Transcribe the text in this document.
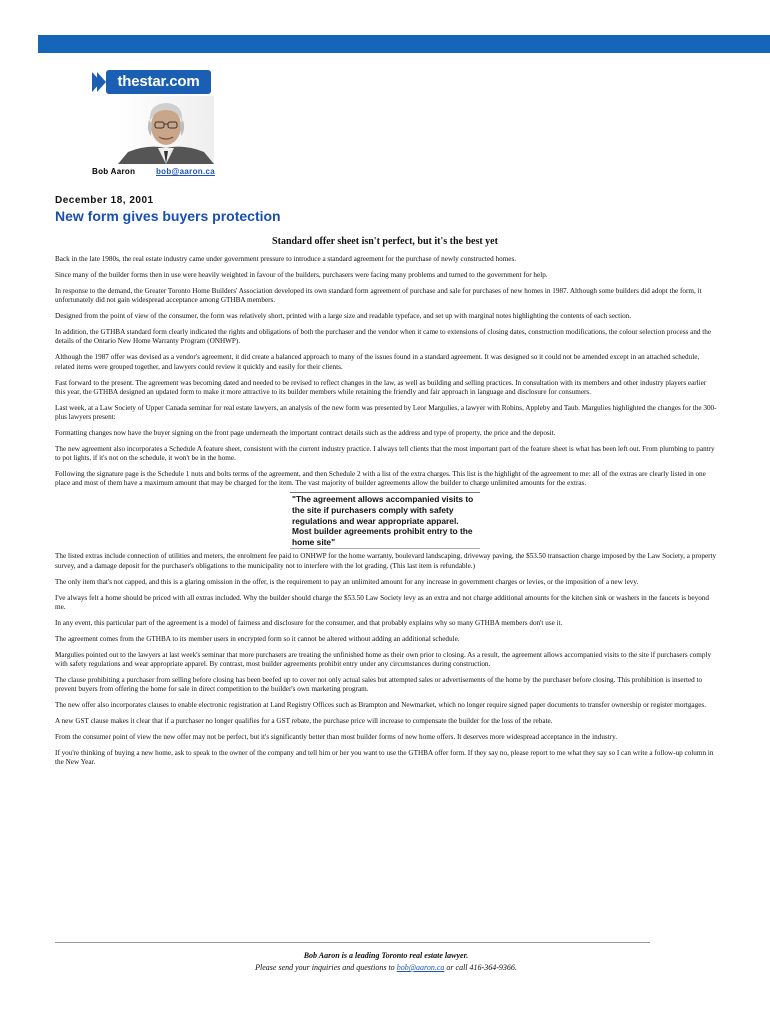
thestar.com
Bob Aaron	bob@aaron.ca
December 18, 2001
New form gives buyers protection
Standard offer sheet isn't perfect, but it's the best yet

Back in the late 1980s, the real estate industry came under government pressure to introduce a standard agreement for the purchase of newly constructed homes.

Since many of the builder forms then in use were heavily weighted in favour of the builders, purchasers were facing many problems and turned to the government for help.

In response to the demand, the Greater Toronto Home Builders' Association developed its own standard form agreement of purchase and sale for purchases of new homes in 1987. Although some builders did adopt the form, it unfortunately did not gain widespread acceptance among GTHBA members.

Designed from the point of view of the consumer, the form was relatively short, printed with a large size and readable typeface, and set up with marginal notes highlighting the contents of each section.

In addition, the GTHBA standard form clearly indicated the rights and obligations of both the purchaser and the vendor when it came to extensions of closing dates, construction modifications, the colour selection process and the details of the Ontario New Home Warranty Program (ONHWP).

Although the 1987 offer was devised as a vendor's agreement, it did create a balanced approach to many of the issues found in a standard agreement. It was designed so it could not be amended except in an attached schedule, related items were grouped together, and lawyers could review it quickly and easily for their clients.

Fast forward to the present. The agreement was becoming dated and needed to be revised to reflect changes in the law, as well as building and selling practices. In consultation with its members and other industry players earlier this year, the GTHBA designed an updated form to make it more attractive to its builder members while retaining the friendly and fair approach in language and disclosure for consumers.

Last week, at a Law Society of Upper Canada seminar for real estate lawyers, an analysis of the new form was presented by Leor Margulies, a lawyer with Robins, Appleby and Taub. Margulies highlighted the changes for the 300-plus lawyers present:

Formatting changes now have the buyer signing on the front page underneath the important contract details such as the address and type of property, the price and the deposit.

The new agreement also incorporates a Schedule A feature sheet, consistent with the current industry practice. I always tell clients that the most important part of the feature sheet is what has been left out. From plumbing to pantry to pot lights, if it's not on the schedule, it won't be in the home.

Following the signature page is the Schedule 1 nuts and bolts terms of the agreement, and then Schedule 2 with a list of the extra charges. This list is the highlight of the agreement to me: all of the extras are clearly listed in one place and most of them have a maximum amount that may be charged for the item. The vast majority of builder agreements allow the builder to charge unlimited amounts for the extras.

"The agreement allows accompanied visits to the site if purchasers comply with safety regulations and wear appropriate apparel. Most builder agreements prohibit entry to the home site"

The listed extras include connection of utilities and meters, the enrolment fee paid to ONHWP for the home warranty, boulevard landscaping, driveway paving, the $53.50 transaction charge imposed by the Law Society, a property survey, and a damage deposit for the purchaser's obligations to the municipality not to interfere with the lot grading. (This last item is refundable.)

The only item that's not capped, and this is a glaring omission in the offer, is the requirement to pay an unlimited amount for any increase in government charges or levies, or the imposition of a new levy.

I've always felt a home should be priced with all extras included. Why the builder should charge the $53.50 Law Society levy as an extra and not charge additional amounts for the kitchen sink or washers in the faucets is beyond me.

In any event, this particular part of the agreement is a model of fairness and disclosure for the consumer, and that probably explains why so many GTHBA members don't use it.

The agreement comes from the GTHBA to its member users in encrypted form so it cannot be altered without adding an additional schedule.

Margulies pointed out to the lawyers at last week's seminar that more purchasers are treating the unfinished home as their own prior to closing. As a result, the agreement allows accompanied visits to the site if purchasers comply with safety regulations and wear appropriate apparel. By contrast, most builder agreements prohibit entry under any circumstances during construction.

The clause prohibiting a purchaser from selling before closing has been beefed up to cover not only actual sales but attempted sales or advertisements of the home by the purchaser before closing. This prohibition is inserted to prevent buyers from offering the home for sale in direct competition to the builder's own marketing program.

The new offer also incorporates clauses to enable electronic registration at Land Registry Offices such as Brampton and Newmarket, which no longer require signed paper documents to transfer ownership or register mortgages.

A new GST clause makes it clear that if a purchaser no longer qualifies for a GST rebate, the purchase price will increase to compensate the builder for the loss of the rebate.

From the consumer point of view the new offer may not be perfect, but it's significantly better than most builder forms of new home offers. It deserves more widespread acceptance in the industry.

If you're thinking of buying a new home, ask to speak to the owner of the company and tell him or her you want to use the GTHBA offer form. If they say no, please report to me what they say so I can write a follow-up column in the New Year.

Bob Aaron is a leading Toronto real estate lawyer.
Please send your inquiries and questions to bob@aaron.ca or call 416-364-9366.
